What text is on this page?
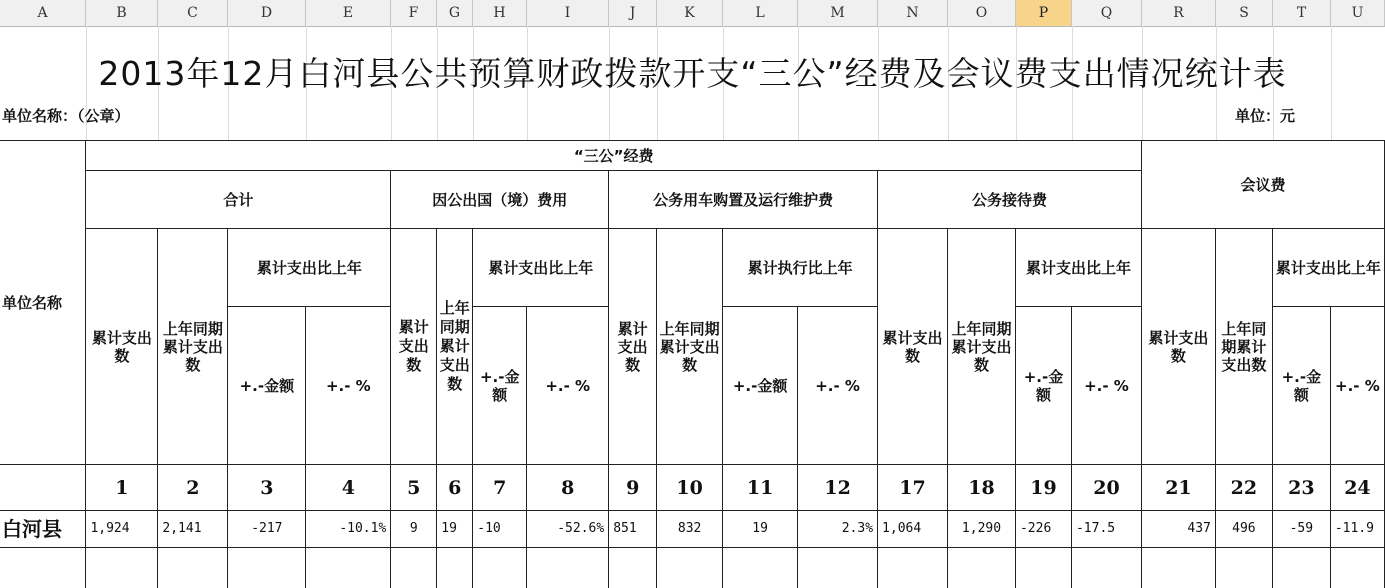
A	B	C	D	E	F	G	H	I	J	K	L	M	N	O	P	Q	R	S	T	U
2013年12月白河县公共预算财政拨款开支“三公”经费及会议费支出情况统计表
单位名称：（公章）	单位：元
单位名称	“三公”经费																会议费			
	合计				因公出国（境）费用				公务用车购置及运行维护费				公务接待费							
	累计支出数	上年同期累计支出数	累计支出比上年		累计支出数	上年同期累计支出数	累计支出比上年		累计支出数	上年同期累计支出数	累计执行比上年		累计支出数	上年同期累计支出数	累计支出比上年		累计支出数	上年同期累计支出数	累计支出比上年	
			+.-金额	+.- %			+.-金额	+.- %			+.-金额	+.- %			+.-金额	+.- %			+.-金额	+.- %
	1	2	3	4	5	6	7	8	9	10	11	12	17	18	19	20	21	22	23	24
白河县	1,924	2,141	-217	-10.1%	9	19	-10	-52.6%	851	832	19	2.3%	1,064	1,290	-226	-17.5	437	496	-59	-11.9
